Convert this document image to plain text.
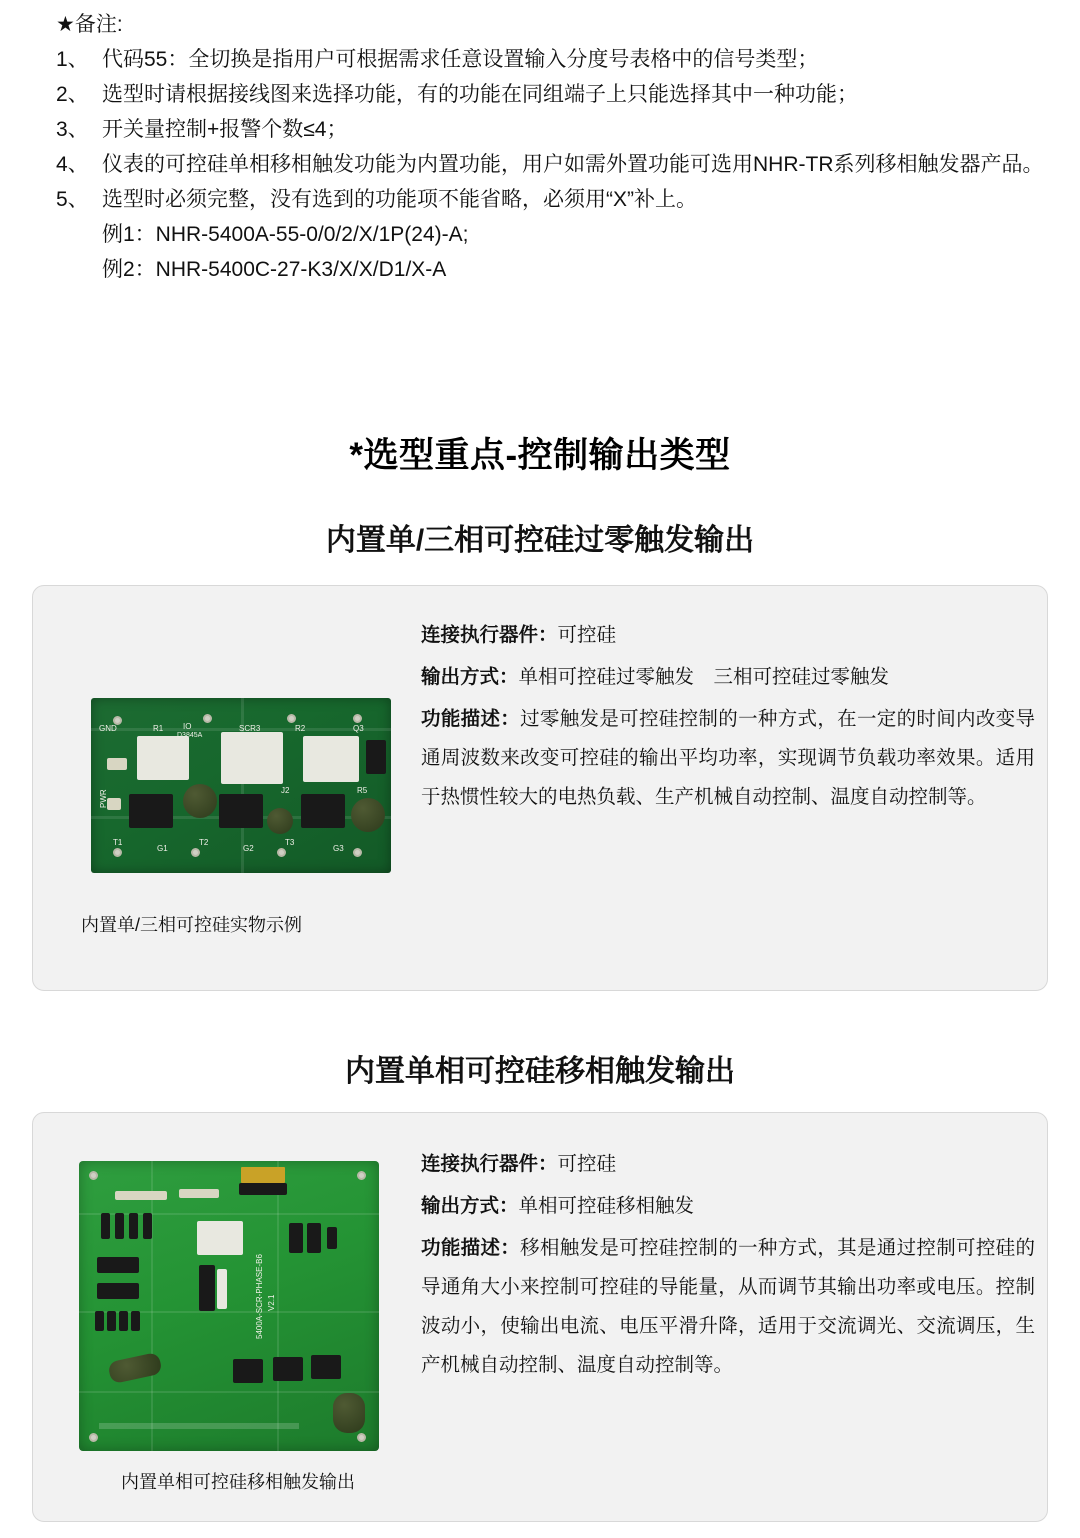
★备注:
1、 代码55：全切换是指用户可根据需求任意设置输入分度号表格中的信号类型；
2、 选型时请根据接线图来选择功能，有的功能在同组端子上只能选择其中一种功能；
3、 开关量控制+报警个数≤4；
4、 仪表的可控硅单相移相触发功能为内置功能，用户如需外置功能可选用NHR-TR系列移相触发器产品。
5、 选型时必须完整，没有选到的功能项不能省略，必须用“X”补上。
例1：NHR-5400A-55-0/0/2/X/1P(24)-A;
例2：NHR-5400C-27-K3/X/X/D1/X-A
*选型重点-控制输出类型
内置单/三相可控硅过零触发输出
GND	R1 IO
D3845A
SCR3	R2	Q3
J2	R5
T1
G1
T2
G2
T3
G3
PWR
内置单/三相可控硅实物示例
连接执行器件：可控硅
输出方式：单相可控硅过零触发　三相可控硅过零触发
功能描述：过零触发是可控硅控制的一种方式，在一定的时间内改变导通周波数来改变可控硅的输出平均功率，实现调节负载功率效果。适用于热惯性较大的电热负载、生产机械自动控制、温度自动控制等。
内置单相可控硅移相触发输出
5400A-SCR-PHASE-B6 V2.1
内置单相可控硅移相触发输出
连接执行器件：可控硅
输出方式：单相可控硅移相触发
功能描述：移相触发是可控硅控制的一种方式，其是通过控制可控硅的导通角大小来控制可控硅的导能量，从而调节其输出功率或电压。控制波动小，使输出电流、电压平滑升降，适用于交流调光、交流调压，生产机械自动控制、温度自动控制等。
